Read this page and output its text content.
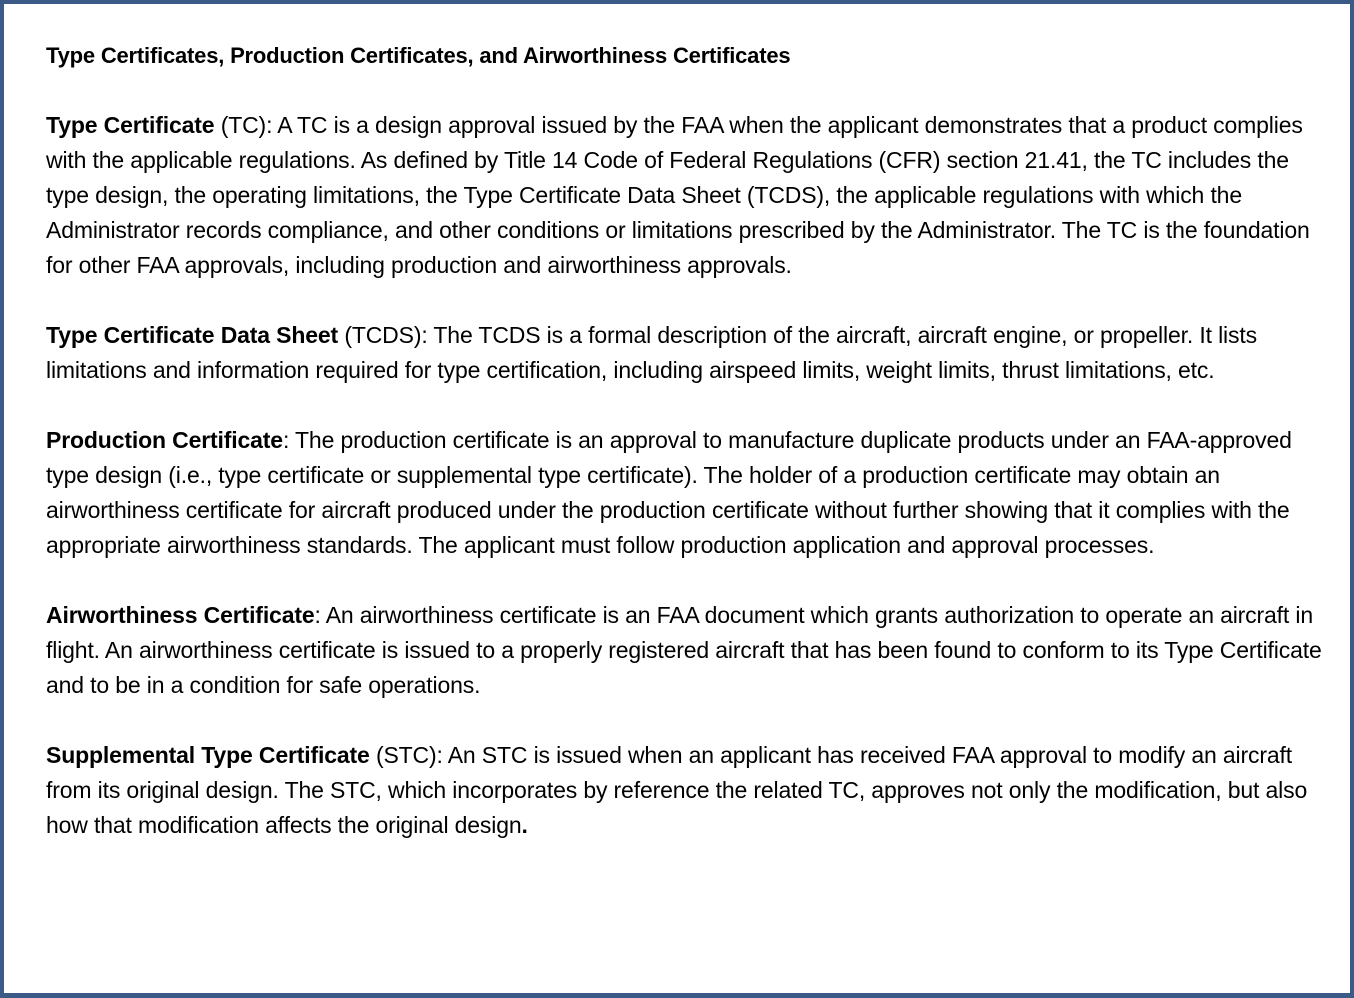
Type Certificates, Production Certificates, and Airworthiness Certificates

Type Certificate (TC): A TC is a design approval issued by the FAA when the applicant demonstrates that a product complies with the applicable regulations. As defined by Title 14 Code of Federal Regulations (CFR) section 21.41, the TC includes the type design, the operating limitations, the Type Certificate Data Sheet (TCDS), the applicable regulations with which the Administrator records compliance, and other conditions or limitations prescribed by the Administrator. The TC is the foundation for other FAA approvals, including production and airworthiness approvals.

Type Certificate Data Sheet (TCDS): The TCDS is a formal description of the aircraft, aircraft engine, or propeller. It lists limitations and information required for type certification, including airspeed limits, weight limits, thrust limitations, etc.

Production Certificate: The production certificate is an approval to manufacture duplicate products under an FAA-approved type design (i.e., type certificate or supplemental type certificate). The holder of a production certificate may obtain an airworthiness certificate for aircraft produced under the production certificate without further showing that it complies with the appropriate airworthiness standards. The applicant must follow production application and approval processes.

Airworthiness Certificate: An airworthiness certificate is an FAA document which grants authorization to operate an aircraft in flight. An airworthiness certificate is issued to a properly registered aircraft that has been found to conform to its Type Certificate and to be in a condition for safe operations.

Supplemental Type Certificate (STC): An STC is issued when an applicant has received FAA approval to modify an aircraft from its original design. The STC, which incorporates by reference the related TC, approves not only the modification, but also how that modification affects the original design.
